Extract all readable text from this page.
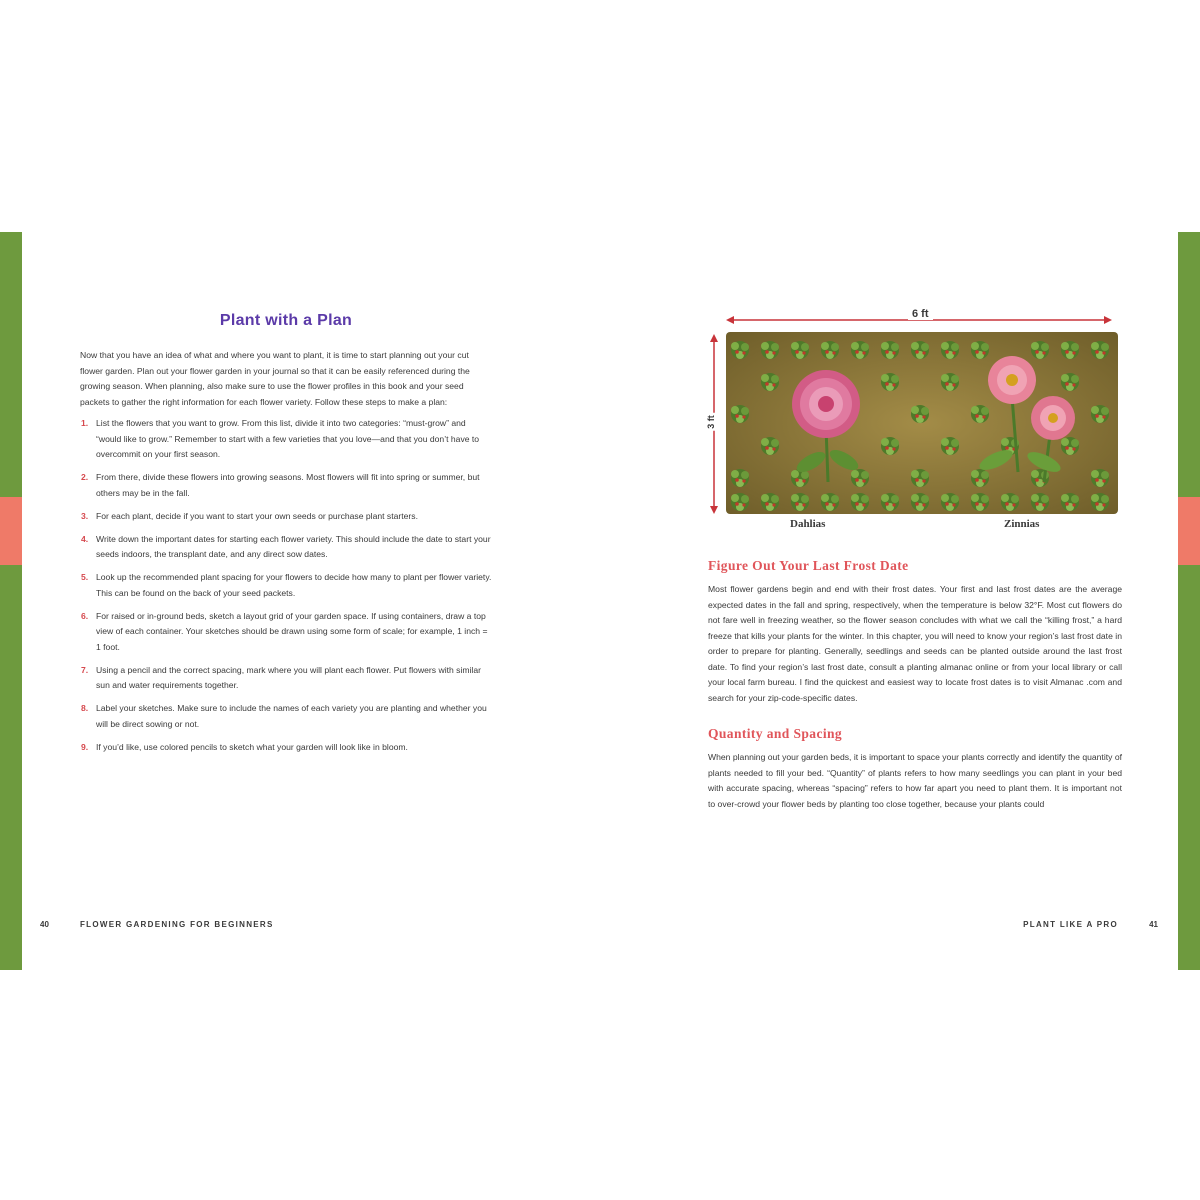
Plant with a Plan

Now that you have an idea of what and where you want to plant, it is time to start planning out your cut flower garden. Plan out your flower garden in your journal so that it can be easily referenced during the growing season. When planning, also make sure to use the flower profiles in this book and your seed packets to gather the right information for each flower variety. Follow these steps to make a plan:

1. List the flowers that you want to grow. From this list, divide it into two categories: “must-grow” and “would like to grow.” Remember to start with a few varieties that you love—and that you don’t have to overcommit on your first season.
2. From there, divide these flowers into growing seasons. Most flowers will fit into spring or summer, but others may be in the fall.
3. For each plant, decide if you want to start your own seeds or purchase plant starters.
4. Write down the important dates for starting each flower variety. This should include the date to start your seeds indoors, the transplant date, and any direct sow dates.
5. Look up the recommended plant spacing for your flowers to decide how many to plant per flower variety. This can be found on the back of your seed packets.
6. For raised or in-ground beds, sketch a layout grid of your garden space. If using containers, draw a top view of each container. Your sketches should be drawn using some form of scale; for example, 1 inch = 1 foot.
7. Using a pencil and the correct spacing, mark where you will plant each flower. Put flowers with similar sun and water requirements together.
8. Label your sketches. Make sure to include the names of each variety you are planting and whether you will be direct sowing or not.
9. If you’d like, use colored pencils to sketch what your garden will look like in bloom.
40	FLOWER GARDENING FOR BEGINNERS
6 ft
3 ft
Dahlias	Zinnias
Figure Out Your Last Frost Date

Most flower gardens begin and end with their frost dates. Your first and last frost dates are the average expected dates in the fall and spring, respectively, when the temperature is below 32°F. Most cut flowers do not fare well in freezing weather, so the flower season concludes with what we call the “killing frost,” a hard freeze that kills your plants for the winter. In this chapter, you will need to know your region’s last frost date in order to prepare for planting. Generally, seedlings and seeds can be planted outside around the last frost date. To find your region’s last frost date, consult a planting almanac online or from your local library or call your local farm bureau. I find the quickest and easiest way to locate frost dates is to visit Almanac .com and search for your zip-code-specific dates.

Quantity and Spacing

When planning out your garden beds, it is important to space your plants correctly and identify the quantity of plants needed to fill your bed. “Quantity” of plants refers to how many seedlings you can plant in your bed with accurate spacing, whereas “spacing” refers to how far apart you need to plant them. It is important not to over-crowd your flower beds by planting too close together, because your plants could

PLANT LIKE A PRO	41
